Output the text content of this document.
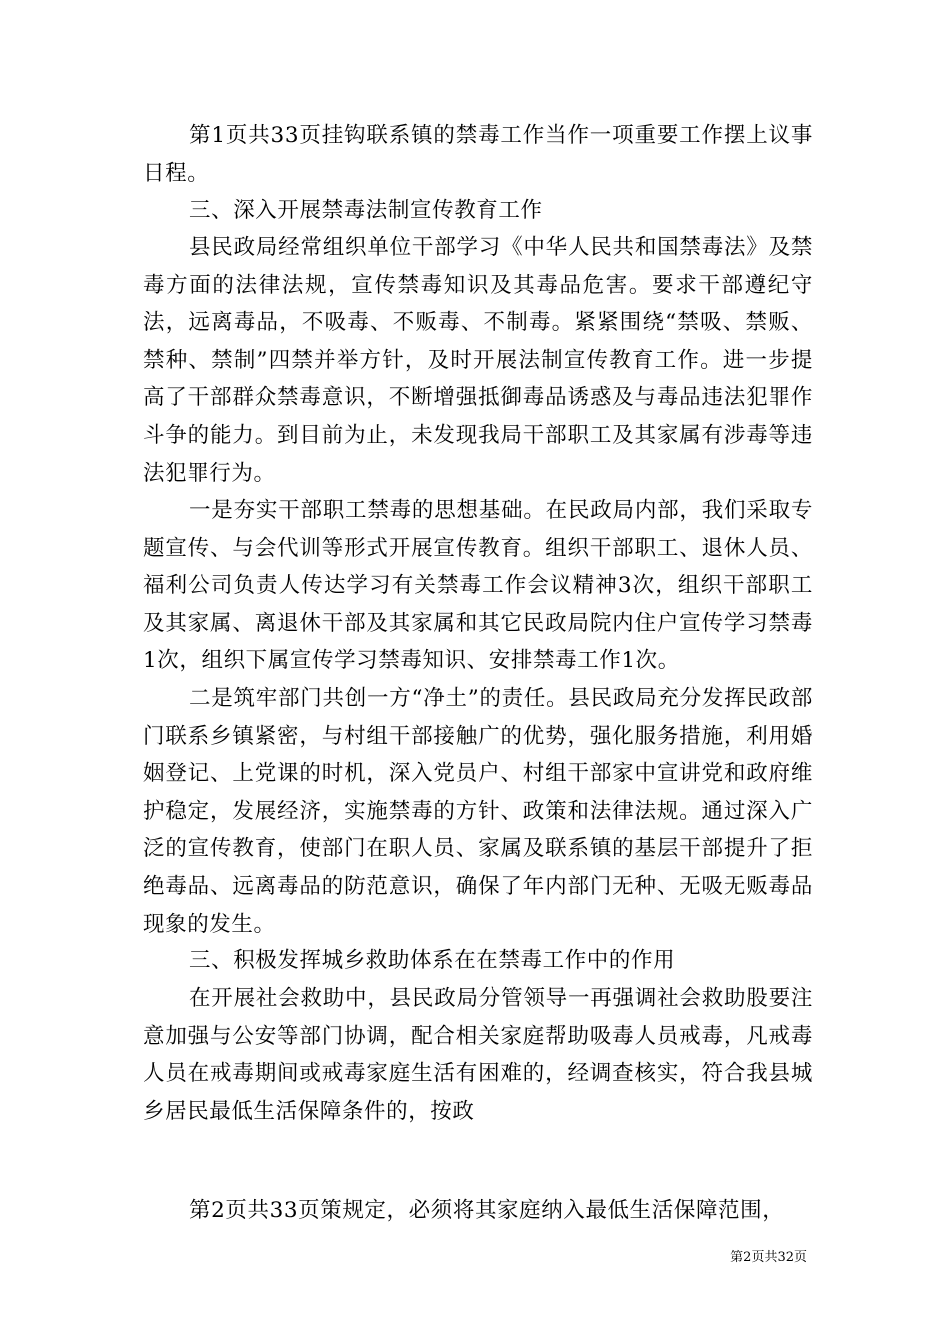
第1页共33页挂钩联系镇的禁毒工作当作一项重要工作摆上议事日程。

三、深入开展禁毒法制宣传教育工作

县民政局经常组织单位干部学习《中华人民共和国禁毒法》及禁毒方面的法律法规，宣传禁毒知识及其毒品危害。要求干部遵纪守法，远离毒品，不吸毒、不贩毒、不制毒。紧紧围绕“禁吸、禁贩、禁种、禁制”四禁并举方针，及时开展法制宣传教育工作。进一步提高了干部群众禁毒意识，不断增强抵御毒品诱惑及与毒品违法犯罪作斗争的能力。到目前为止，未发现我局干部职工及其家属有涉毒等违法犯罪行为。

一是夯实干部职工禁毒的思想基础。在民政局内部，我们采取专题宣传、与会代训等形式开展宣传教育。组织干部职工、退休人员、福利公司负责人传达学习有关禁毒工作会议精神3次，组织干部职工及其家属、离退休干部及其家属和其它民政局院内住户宣传学习禁毒1次，组织下属宣传学习禁毒知识、安排禁毒工作1次。

二是筑牢部门共创一方“净土”的责任。县民政局充分发挥民政部门联系乡镇紧密，与村组干部接触广的优势，强化服务措施，利用婚姻登记、上党课的时机，深入党员户、村组干部家中宣讲党和政府维护稳定，发展经济，实施禁毒的方针、政策和法律法规。通过深入广泛的宣传教育，使部门在职人员、家属及联系镇的基层干部提升了拒绝毒品、远离毒品的防范意识，确保了年内部门无种、无吸无贩毒品现象的发生。

三、积极发挥城乡救助体系在在禁毒工作中的作用

在开展社会救助中，县民政局分管领导一再强调社会救助股要注意加强与公安等部门协调，配合相关家庭帮助吸毒人员戒毒，凡戒毒人员在戒毒期间或戒毒家庭生活有困难的，经调查核实，符合我县城乡居民最低生活保障条件的，按政

第2页共33页策规定，必须将其家庭纳入最低生活保障范围，

第2页共32页
